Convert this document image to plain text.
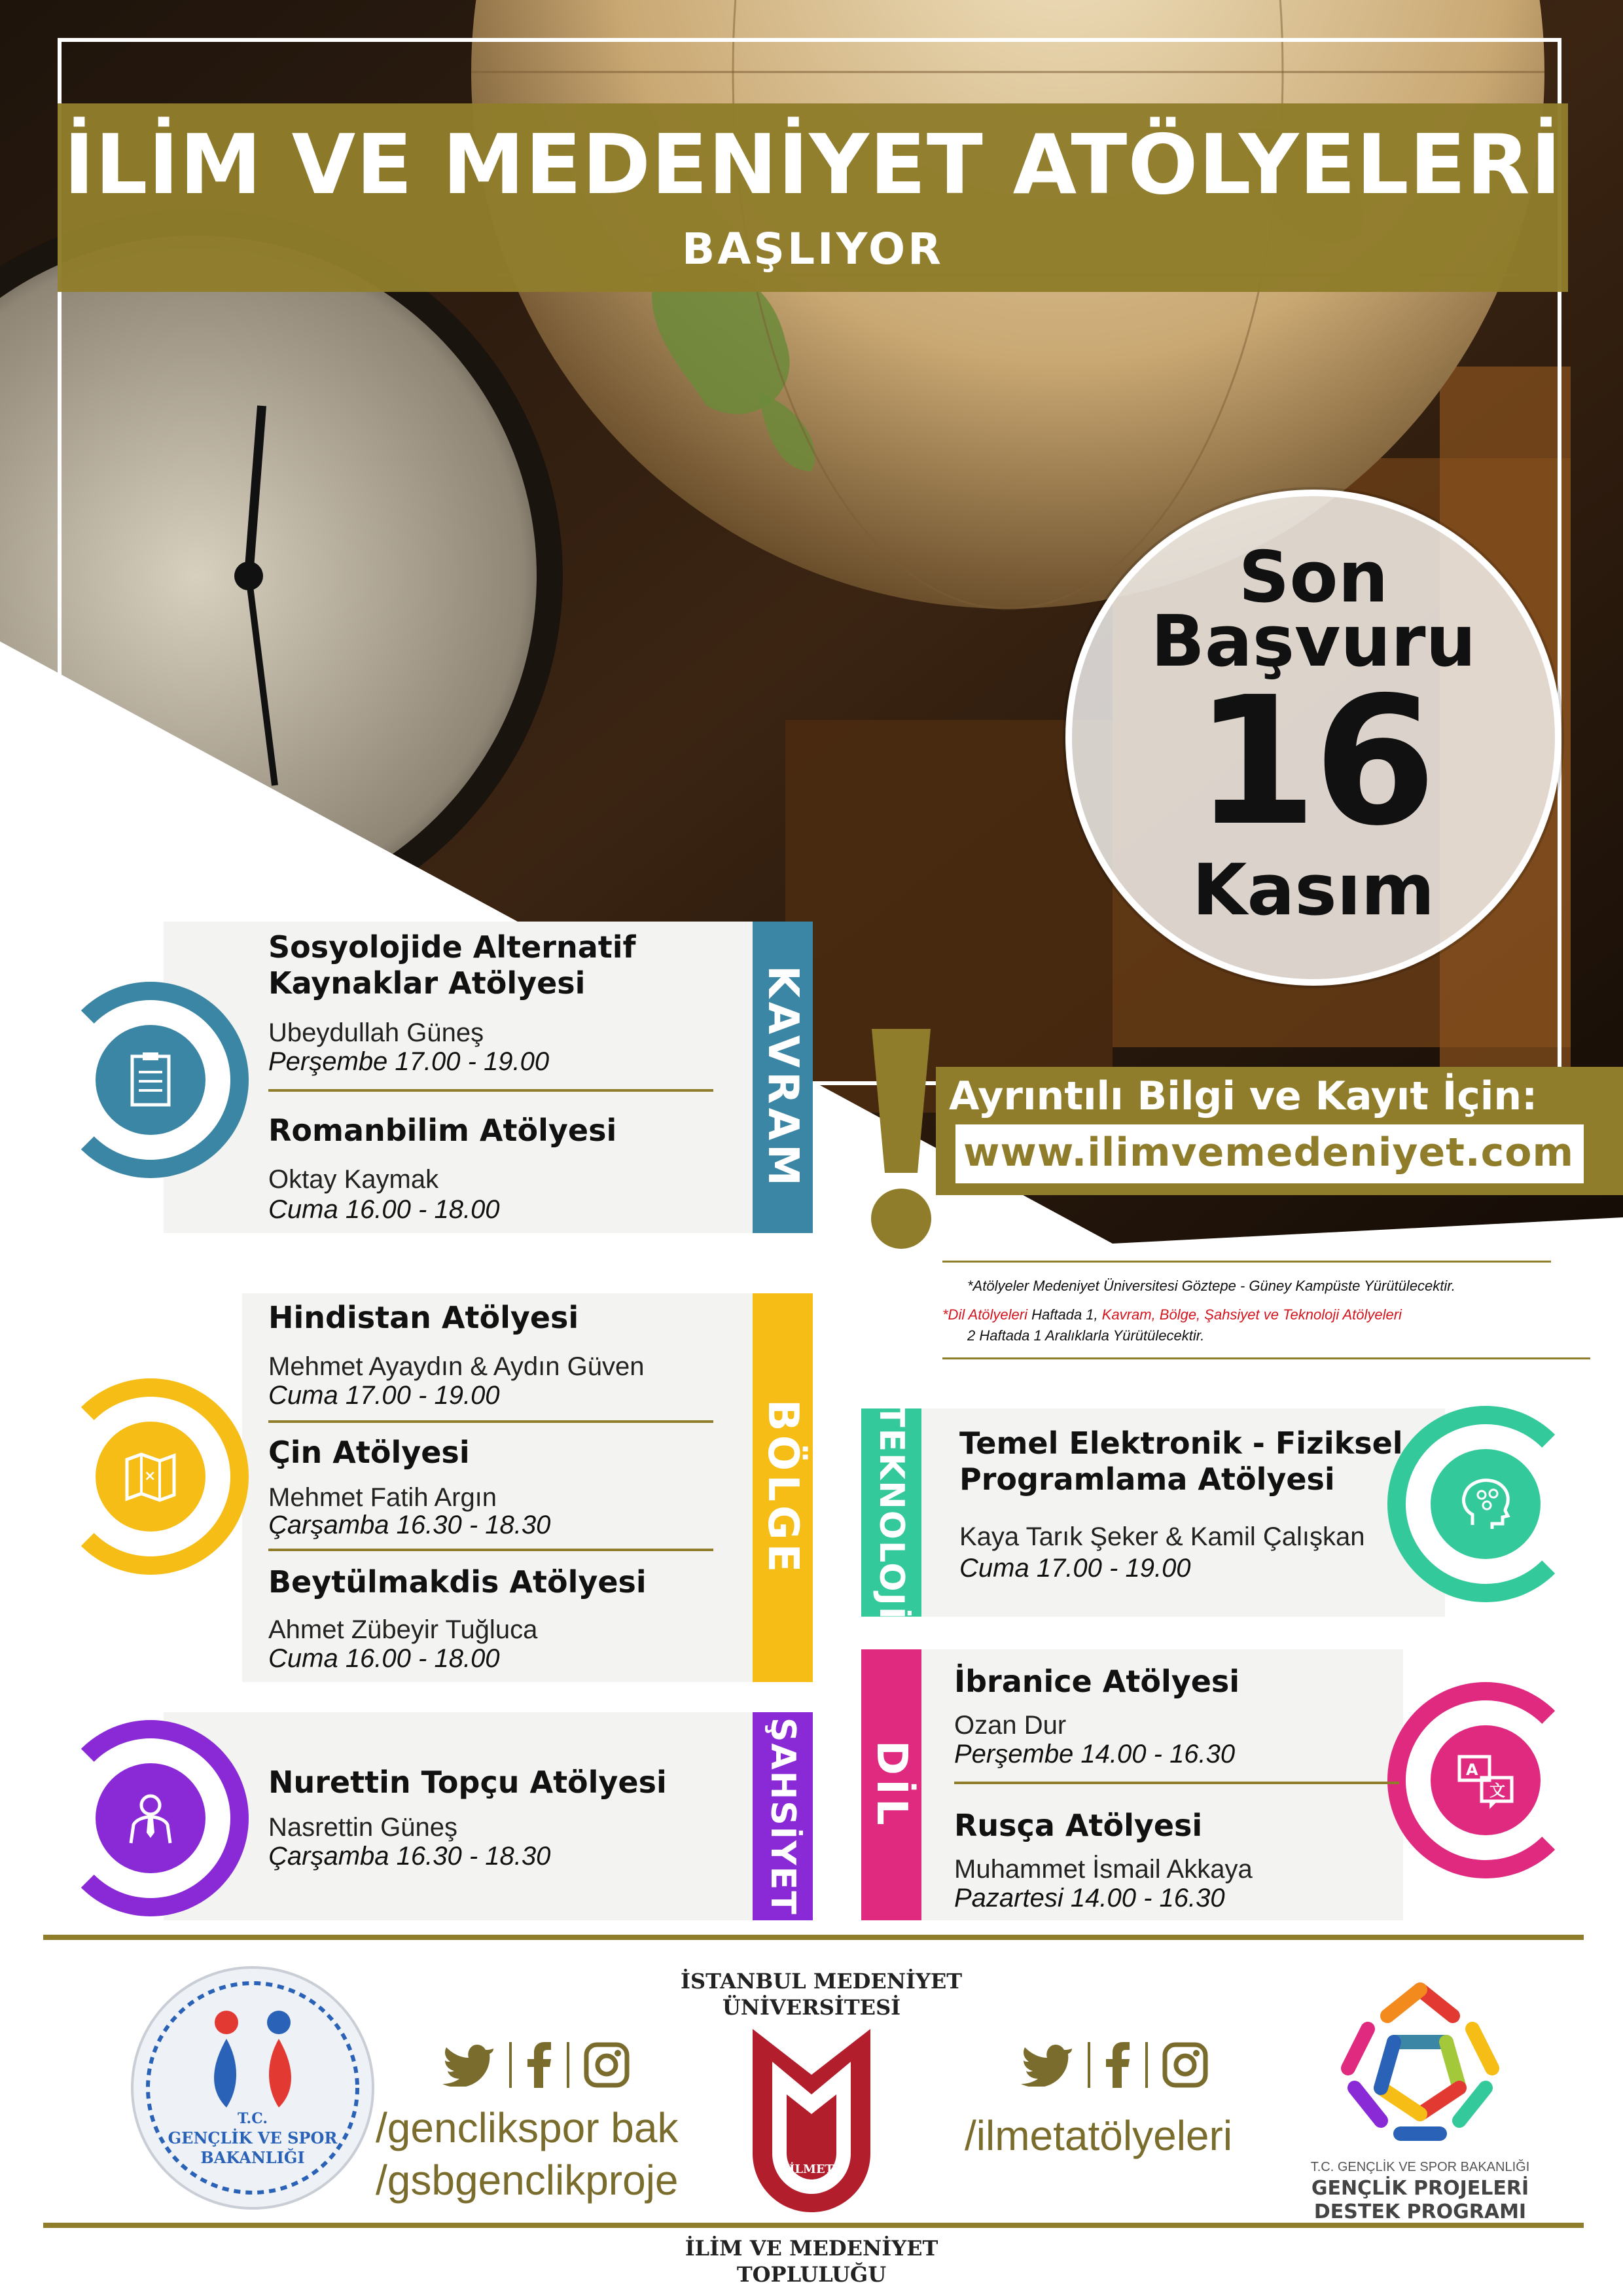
İLİM VE MEDENİYET ATÖLYELERİ
BAŞLIYOR
Son
Başvuru
16
Kasım
KAVRAM
Sosyolojide Alternatif
Kaynaklar Atölyesi
Ubeydullah Güneş
Perşembe 17.00 - 19.00
Romanbilim Atölyesi
Oktay Kaymak
Cuma 16.00 - 18.00
BÖLGE
×
Hindistan Atölyesi
Mehmet Ayaydın & Aydın Güven
Cuma 17.00 - 19.00
Çin Atölyesi
Mehmet Fatih Argın
Çarşamba 16.30 - 18.30
Beytülmakdis Atölyesi
Ahmet Zübeyir Tuğluca
Cuma 16.00 - 18.00
ŞAHSİYET
Nurettin Topçu Atölyesi
Nasrettin Güneş
Çarşamba 16.30 - 18.30
Ayrıntılı Bilgi ve Kayıt İçin:
www.ilimvemedeniyet.com
*Atölyeler Medeniyet Üniversitesi Göztepe - Güney Kampüste Yürütülecektir.
*Dil Atölyeleri Haftada 1, Kavram, Bölge, Şahsiyet ve Teknoloji Atölyeleri
2 Haftada 1 Aralıklarla Yürütülecektir.
TEKNOLOJİ Temel Elektronik - Fiziksel
Programlama Atölyesi
Kaya Tarık Şeker & Kamil Çalışkan
Cuma 17.00 - 19.00
DİL	A
文
İbranice Atölyesi
Ozan Dur
Perşembe 14.00 - 16.30
Rusça Atölyesi
Muhammet İsmail Akkaya
Pazartesi 14.00 - 16.30
T.C.
GENÇLİK VE SPOR
BAKANLIĞI
/genclikspor bak
/gsbgenclikproje
İSTANBUL MEDENİYET
ÜNİVERSİTESİ
İLMET
2014
İLİM VE MEDENİYET
TOPLULUĞU
/ilmetatölyeleri
T.C. GENÇLİK VE SPOR BAKANLIĞI
GENÇLİK PROJELERİ
DESTEK PROGRAMI
